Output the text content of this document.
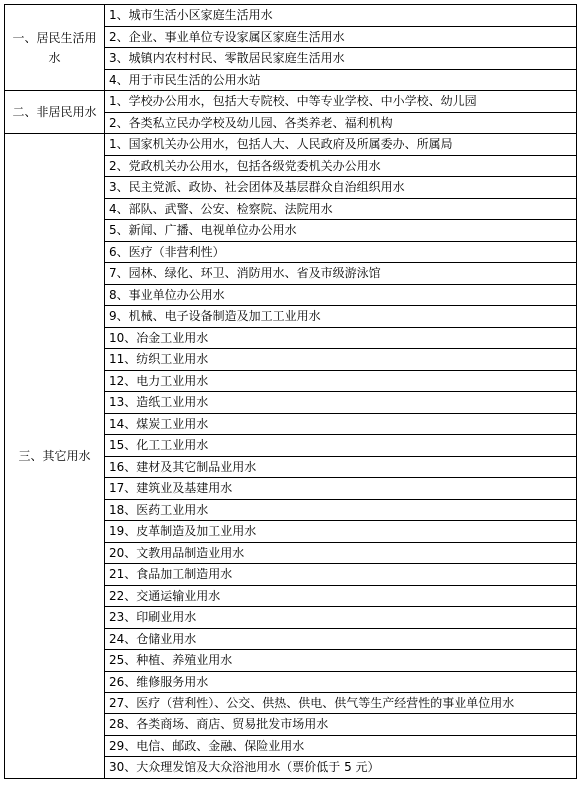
一、居民生活用水	1、城市生活小区家庭生活用水
	2、企业、事业单位专设家属区家庭生活用水
	3、城镇内农村村民、零散居民家庭生活用水
	4、用于市民生活的公用水站
二、非居民用水	1、学校办公用水，包括大专院校、中等专业学校、中小学校、幼儿园
	2、各类私立民办学校及幼儿园、各类养老、福利机构
三、其它用水	1、国家机关办公用水，包括人大、人民政府及所属委办、所属局
	2、党政机关办公用水，包括各级党委机关办公用水
	3、民主党派、政协、社会团体及基层群众自治组织用水
	4、部队、武警、公安、检察院、法院用水
	5、新闻、广播、电视单位办公用水
	6、医疗（非营利性）
	7、园林、绿化、环卫、消防用水、省及市级游泳馆
	8、事业单位办公用水
	9、机械、电子设备制造及加工工业用水
	10、冶金工业用水
	11、纺织工业用水
	12、电力工业用水
	13、造纸工业用水
	14、煤炭工业用水
	15、化工工业用水
	16、建材及其它制品业用水
	17、建筑业及基建用水
	18、医药工业用水
	19、皮革制造及加工业用水
	20、文教用品制造业用水
	21、食品加工制造用水
	22、交通运输业用水
	23、印刷业用水
	24、仓储业用水
	25、种植、养殖业用水
	26、维修服务用水
	27、医疗（营利性）、公交、供热、供电、供气等生产经营性的事业单位用水
	28、各类商场、商店、贸易批发市场用水
	29、电信、邮政、金融、保险业用水
	30、大众理发馆及大众浴池用水（票价低于 5 元）
